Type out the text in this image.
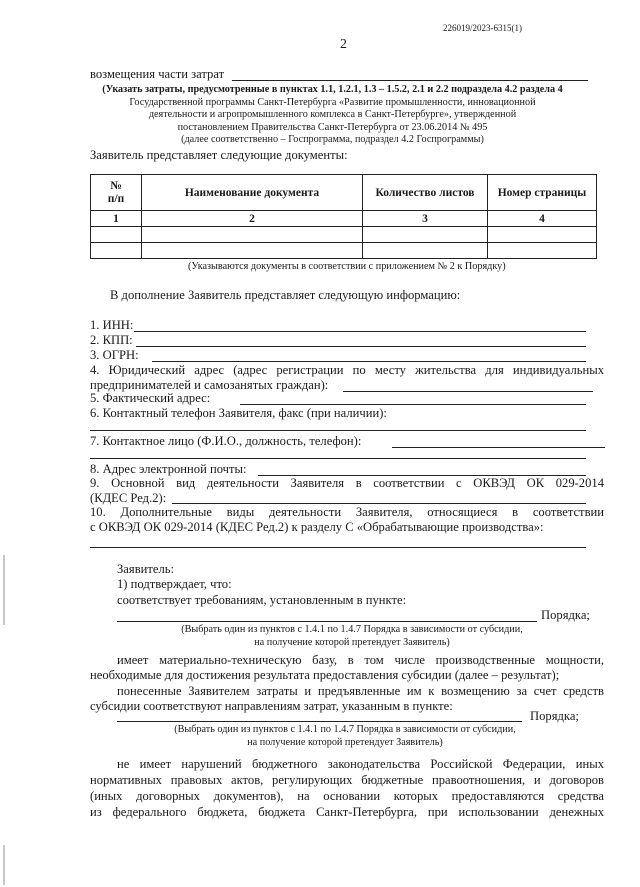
226019/2023-6315(1)
2
возмещения части затрат
(Указать затраты, предусмотренные в пунктах 1.1, 1.2.1, 1.3 – 1.5.2, 2.1 и 2.2 подраздела 4.2 раздела 4
Государственной программы Санкт-Петербурга «Развитие промышленности, инновационной
деятельности и агропромышленного комплекса в Санкт-Петербурге», утвержденной
постановлением Правительства Санкт-Петербурга от 23.06.2014 № 495
(далее соответственно – Госпрограмма, подраздел 4.2 Госпрограммы)
Заявитель представляет следующие документы:
№
п/п	Наименование документа	Количество листов	Номер страницы
1	2	3	4

(Указываются документы в соответствии с приложением № 2 к Порядку)
В дополнение Заявитель представляет следующую информацию:
1. ИНН:
2. КПП:
3. ОГРН:
4. Юридический адрес (адрес регистрации по месту жительства для индивидуальных
предпринимателей и самозанятых граждан):
5. Фактический адрес:
6. Контактный телефон Заявителя, факс (при наличии):
7. Контактное лицо (Ф.И.О., должность, телефон):
8. Адрес электронной почты:
9. Основной вид деятельности Заявителя в соответствии с ОКВЭД ОК 029-2014
(КДЕС Ред.2):
10. Дополнительные виды деятельности Заявителя, относящиеся в соответствии
с ОКВЭД ОК 029-2014 (КДЕС Ред.2) к разделу С «Обрабатывающие производства»:
Заявитель:
1) подтверждает, что:
соответствует требованиям, установленным в пункте:
Порядка;
(Выбрать один из пунктов с 1.4.1 по 1.4.7 Порядка в зависимости от субсидии,
на получение которой претендует Заявитель)
имеет материально-техническую базу, в том числе производственные мощности,
необходимые для достижения результата предоставления субсидии (далее – результат);
понесенные Заявителем затраты и предъявленные им к возмещению за счет средств
субсидии соответствуют направлениям затрат, указанным в пункте:
Порядка;
(Выбрать один из пунктов с 1.4.1 по 1.4.7 Порядка в зависимости от субсидии,
на получение которой претендует Заявитель)
не имеет нарушений бюджетного законодательства Российской Федерации, иных
нормативных правовых актов, регулирующих бюджетные правоотношения, и договоров
(иных договорных документов), на основании которых предоставляются средства
из федерального бюджета, бюджета Санкт-Петербурга, при использовании денежных
